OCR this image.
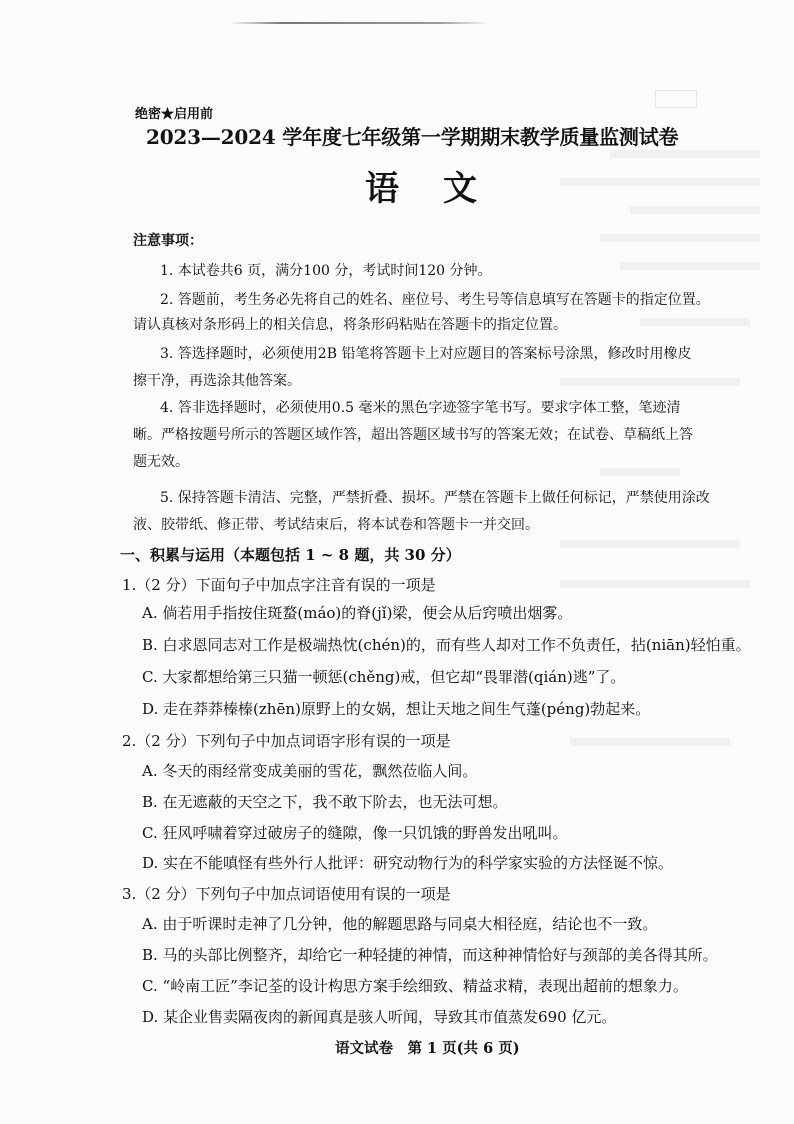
绝密★启用前
2023—2024 学年度七年级第一学期期末教学质量监测试卷
语文
注意事项：
1. 本试卷共6 页，满分100 分，考试时间120 分钟。
2. 答题前，考生务必先将自己的姓名、座位号、考生号等信息填写在答题卡的指定位置。
请认真核对条形码上的相关信息，将条形码粘贴在答题卡的指定位置。
3. 答选择题时，必须使用2B 铅笔将答题卡上对应题目的答案标号涂黑，修改时用橡皮
擦干净，再选涂其他答案。
4. 答非选择题时，必须使用0.5 毫米的黑色字迹签字笔书写。要求字体工整，笔迹清
晰。严格按题号所示的答题区域作答，超出答题区域书写的答案无效；在试卷、草稿纸上答
题无效。
5. 保持答题卡清洁、完整，严禁折叠、损坏。严禁在答题卡上做任何标记，严禁使用涂改
液、胶带纸、修正带、考试结束后，将本试卷和答题卡一并交回。
一、积累与运用（本题包括 1 ~ 8 题，共 30 分）
1.（2 分）下面句子中加点字注音有误的一项是
A. 倘若用手指按住斑蝥(máo)的脊(jǐ)梁，便会从后窍喷出烟雾。
B. 白求恩同志对工作是极端热忱(chén)的，而有些人却对工作不负责任，拈(niān)轻怕重。
C. 大家都想给第三只猫一顿惩(chěng)戒，但它却“畏罪潜(qián)逃”了。
D. 走在莽莽榛榛(zhēn)原野上的女娲，想让天地之间生气蓬(péng)勃起来。
2.（2 分）下列句子中加点词语字形有误的一项是
A. 冬天的雨经常变成美丽的雪花，飘然莅临人间。
B. 在无遮蔽的天空之下，我不敢下阶去，也无法可想。
C. 狂风呼啸着穿过破房子的缝隙，像一只饥饿的野兽发出吼叫。
D. 实在不能嗔怪有些外行人批评：研究动物行为的科学家实验的方法怪诞不惊。
3.（2 分）下列句子中加点词语使用有误的一项是
A. 由于听课时走神了几分钟，他的解题思路与同桌大相径庭，结论也不一致。
B. 马的头部比例整齐，却给它一种轻捷的神情，而这种神情恰好与颈部的美各得其所。
C. “岭南工匠”李记荃的设计构思方案手绘细致、精益求精，表现出超前的想象力。
D. 某企业售卖隔夜肉的新闻真是骇人听闻，导致其市值蒸发690 亿元。
语文试卷　第 1 页(共 6 页)
